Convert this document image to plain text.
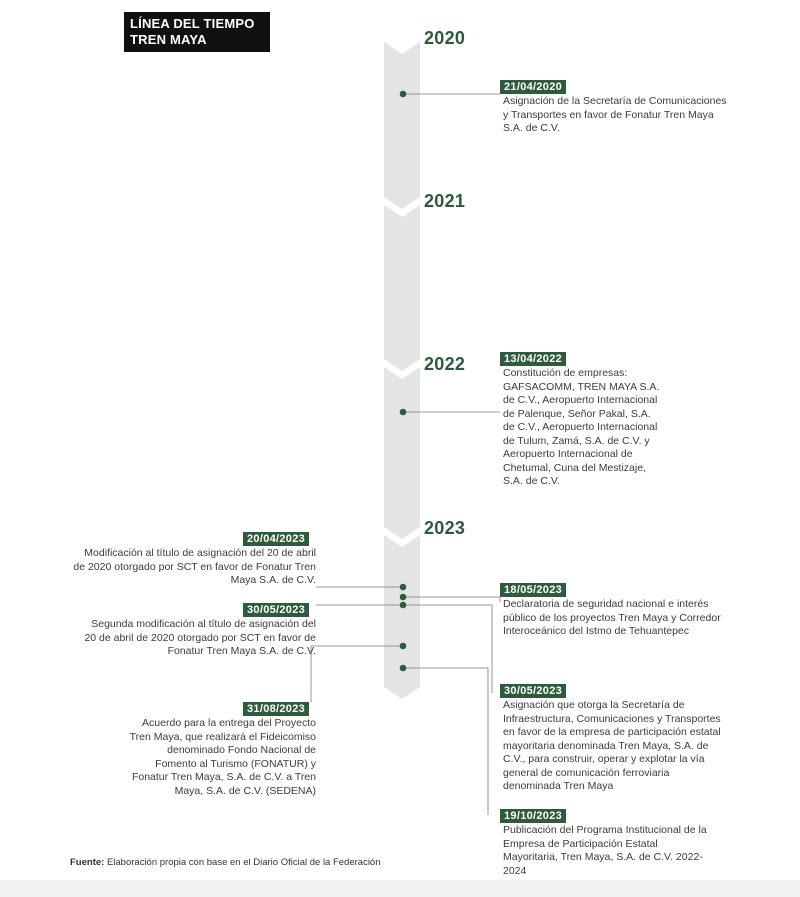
LÍNEA DEL TIEMPO
TREN MAYA	2020
2021
2022
2023
21/04/2020
Asignación de la Secretaría de Comunicaciones y Transportes en favor de Fonatur Tren Maya S.A. de C.V.
13/04/2022
Constitución de empresas: GAFSACOMM, TREN MAYA S.A. de C.V., Aeropuerto Internacional de Palenque, Señor Pakal, S.A. de C.V., Aeropuerto Internacional de Tulum, Zamá, S.A. de C.V. y Aeropuerto Internacional de Chetumal, Cuna del Mestizaje, S.A. de C.V.
20/04/2023
Modificación al título de asignación del 20 de abril de 2020 otorgado por SCT en favor de Fonatur Tren Maya S.A. de C.V.
18/05/2023
Declaratoria de seguridad nacional e interés público de los proyectos Tren Maya y Corredor Interoceánico del Istmo de Tehuantepec
30/05/2023
Segunda modificación al título de asignación del 20 de abril de 2020 otorgado por SCT en favor de Fonatur Tren Maya S.A. de C.V.
30/05/2023
Asignación que otorga la Secretaría de Infraestructura, Comunicaciones y Transportes en favor de la empresa de participación estatal mayoritaria denominada Tren Maya, S.A. de C.V., para construir, operar y explotar la vía general de comunicación ferroviaria denominada Tren Maya
31/08/2023
Acuerdo para la entrega del Proyecto Tren Maya, que realizará el Fideicomiso denominado Fondo Nacional de Fomento al Turismo (FONATUR) y Fonatur Tren Maya, S.A. de C.V. a Tren Maya, S.A. de C.V. (SEDENA)
19/10/2023
Publicación del Programa Institucional de la Empresa de Participación Estatal Mayoritaria, Tren Maya, S.A. de C.V. 2022-2024
Fuente: Elaboración propia con base en el Diario Oficial de la Federación
